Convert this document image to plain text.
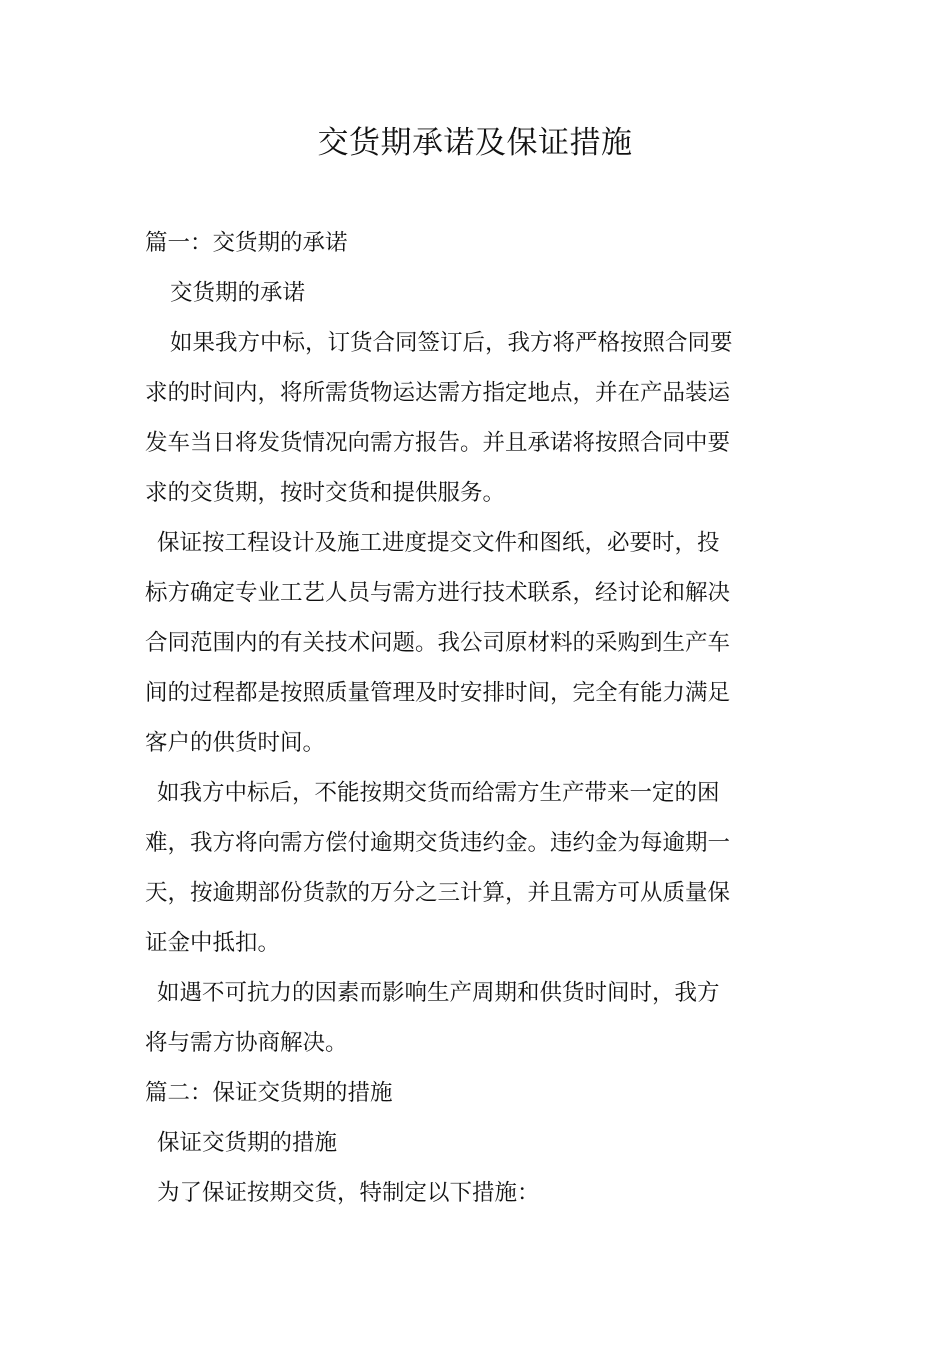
交货期承诺及保证措施
篇一：交货期的承诺
交货期的承诺
如果我方中标，订货合同签订后，我方将严格按照合同要
求的时间内，将所需货物运达需方指定地点，并在产品装运
发车当日将发货情况向需方报告。并且承诺将按照合同中要
求的交货期，按时交货和提供服务。
保证按工程设计及施工进度提交文件和图纸，必要时，投
标方确定专业工艺人员与需方进行技术联系，经讨论和解决
合同范围内的有关技术问题。我公司原材料的采购到生产车
间的过程都是按照质量管理及时安排时间，完全有能力满足
客户的供货时间。
如我方中标后，不能按期交货而给需方生产带来一定的困
难，我方将向需方偿付逾期交货违约金。违约金为每逾期一
天，按逾期部份货款的万分之三计算，并且需方可从质量保
证金中抵扣。
如遇不可抗力的因素而影响生产周期和供货时间时，我方
将与需方协商解决。
篇二：保证交货期的措施
保证交货期的措施
为了保证按期交货，特制定以下措施：
